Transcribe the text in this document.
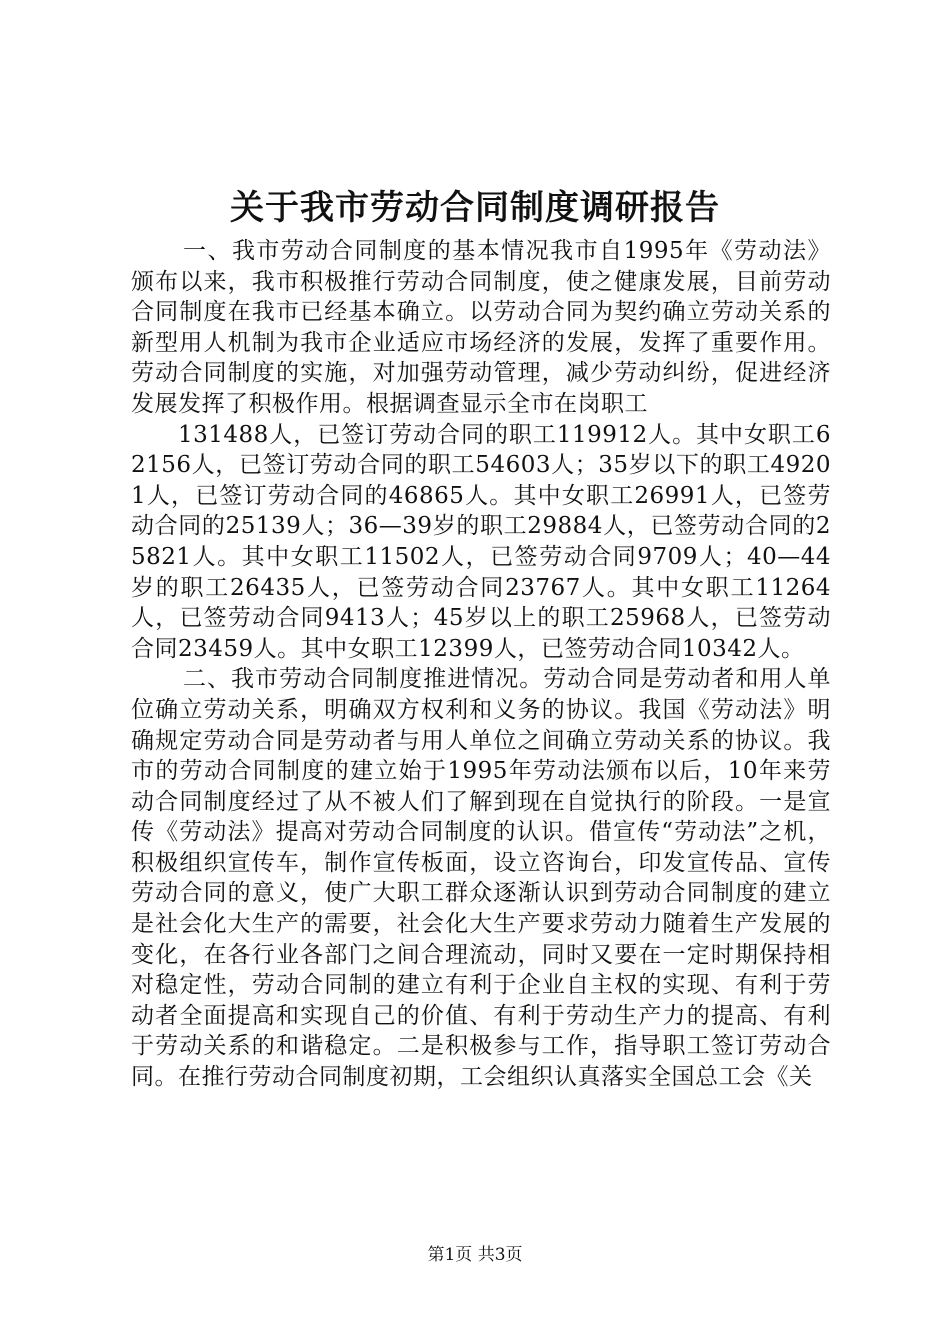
关于我市劳动合同制度调研报告

一、我市劳动合同制度的基本情况我市自1995年《劳动法》颁布以来，我市积极推行劳动合同制度，使之健康发展，目前劳动合同制度在我市已经基本确立。以劳动合同为契约确立劳动关系的新型用人机制为我市企业适应市场经济的发展，发挥了重要作用。劳动合同制度的实施，对加强劳动管理，减少劳动纠纷，促进经济发展发挥了积极作用。根据调查显示全市在岗职工

131488人，已签订劳动合同的职工119912人。其中女职工62156人，已签订劳动合同的职工54603人；35岁以下的职工49201人，已签订劳动合同的46865人。其中女职工26991人，已签劳动合同的25139人；36—39岁的职工29884人，已签劳动合同的25821人。其中女职工11502人，已签劳动合同9709人；40—44岁的职工26435人，已签劳动合同23767人。其中女职工11264人，已签劳动合同9413人；45岁以上的职工25968人，已签劳动合同23459人。其中女职工12399人，已签劳动合同10342人。

二、我市劳动合同制度推进情况。劳动合同是劳动者和用人单位确立劳动关系，明确双方权利和义务的协议。我国《劳动法》明确规定劳动合同是劳动者与用人单位之间确立劳动关系的协议。我市的劳动合同制度的建立始于1995年劳动法颁布以后，10年来劳动合同制度经过了从不被人们了解到现在自觉执行的阶段。一是宣传《劳动法》提高对劳动合同制度的认识。借宣传“劳动法”之机，积极组织宣传车，制作宣传板面，设立咨询台，印发宣传品、宣传劳动合同的意义，使广大职工群众逐渐认识到劳动合同制度的建立是社会化大生产的需要，社会化大生产要求劳动力随着生产发展的变化，在各行业各部门之间合理流动，同时又要在一定时期保持相对稳定性，劳动合同制的建立有利于企业自主权的实现、有利于劳动者全面提高和实现自己的价值、有利于劳动生产力的提高、有利于劳动关系的和谐稳定。二是积极参与工作，指导职工签订劳动合同。在推行劳动合同制度初期，工会组织认真落实全国总工会《关

第1页 共3页
